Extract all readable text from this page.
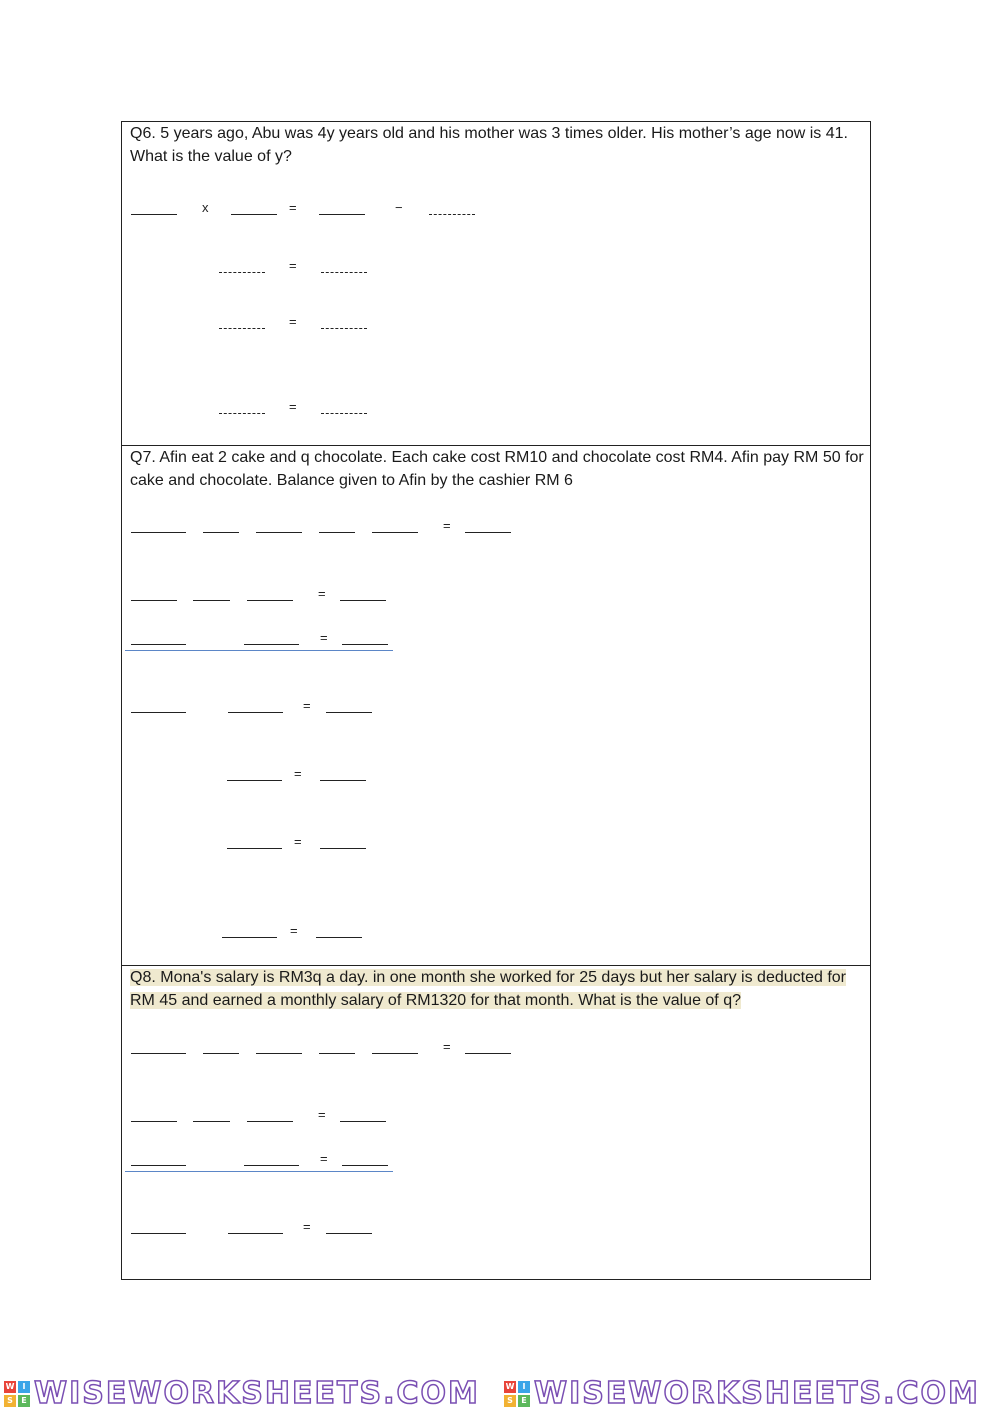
Q6. 5 years ago, Abu was 4y years old and his mother was 3 times older. His mother’s age now is 41. What is the value of y?
x	=	−
=
=
=
Q7. Afin eat 2 cake and q chocolate. Each cake cost RM10 and chocolate cost RM4. Afin pay RM 50 for cake and chocolate. Balance given to Afin by the cashier RM 6
=
=
=
=
=
=
=
Q8. Mona's salary is RM3q a day. in one month she worked for 25 days but her salary is deducted for RM 45 and earned a monthly salary of RM1320 for that month. What is the value of q?
=
=
=
=
W	I
S	E WISEWORKSHEETS.COM	W	I
S	E WISEWORKSHEETS.COM
